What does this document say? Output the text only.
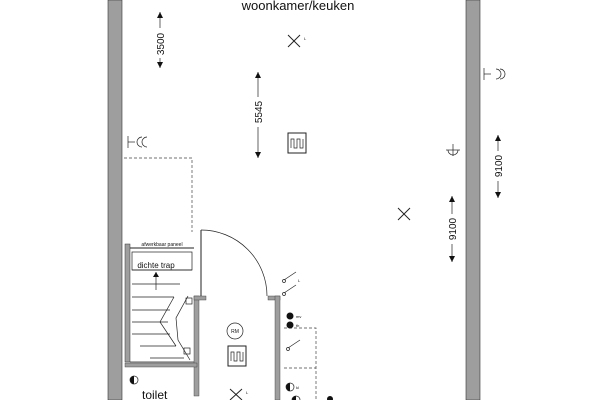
woonkamer/keuken
3500
5545
9100
9100
L
L
afwerkbaar paneel
dichte trap
RM
L
mv
th
kl
toilet
